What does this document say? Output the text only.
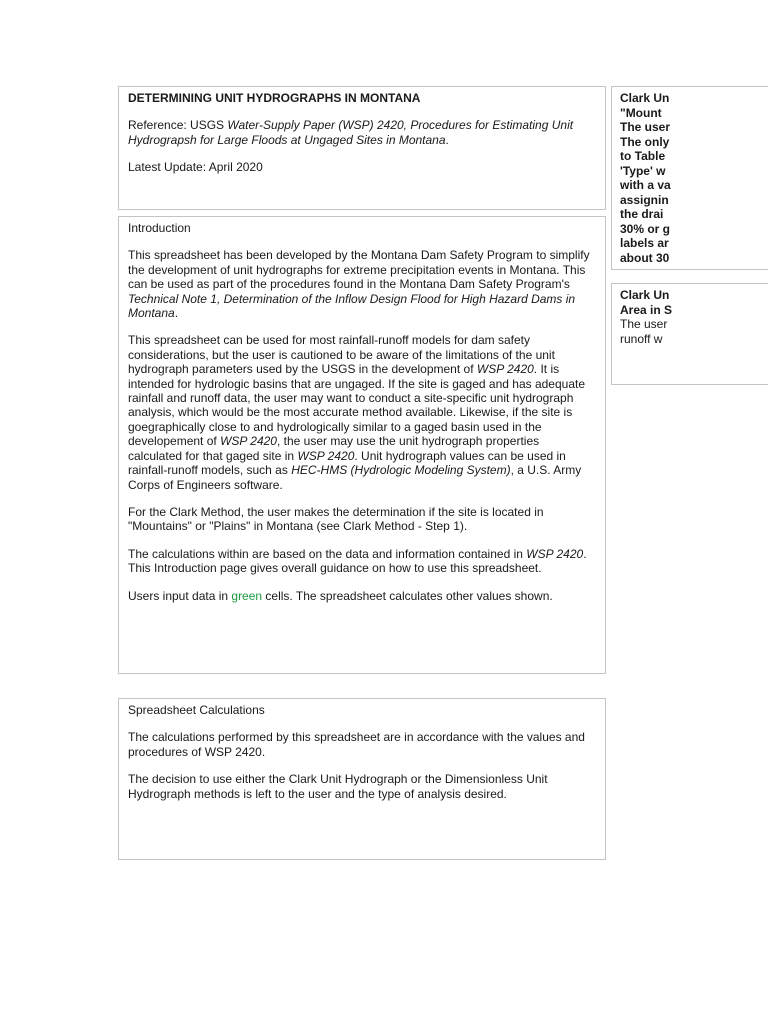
DETERMINING UNIT HYDROGRAPHS IN MONTANA

Reference: USGS Water-Supply Paper (WSP) 2420, Procedures for Estimating Unit Hydrograpsh for Large Floods at Ungaged Sites in Montana.

Latest Update: April 2020

Introduction

This spreadsheet has been developed by the Montana Dam Safety Program to simplify the development of unit hydrographs for extreme precipitation events in Montana. This can be used as part of the procedures found in the Montana Dam Safety Program's Technical Note 1, Determination of the Inflow Design Flood for High Hazard Dams in Montana.

This spreadsheet can be used for most rainfall-runoff models for dam safety considerations, but the user is cautioned to be aware of the limitations of the unit hydrograph parameters used by the USGS in the development of WSP 2420. It is intended for hydrologic basins that are ungaged. If the site is gaged and has adequate rainfall and runoff data, the user may want to conduct a site-specific unit hydrograph analysis, which would be the most accurate method available. Likewise, if the site is goegraphically close to and hydrologically similar to a gaged basin used in the developement of WSP 2420, the user may use the unit hydrograph properties calculated for that gaged site in WSP 2420. Unit hydrograph values can be used in rainfall-runoff models, such as HEC-HMS (Hydrologic Modeling System), a U.S. Army Corps of Engineers software.

For the Clark Method, the user makes the determination if the site is located in "Mountains" or "Plains" in Montana (see Clark Method - Step 1).

The calculations within are based on the data and information contained in WSP 2420. This Introduction page gives overall guidance on how to use this spreadsheet.

Users input data in green cells. The spreadsheet calculates other values shown.

Spreadsheet Calculations

The calculations performed by this spreadsheet are in accordance with the values and procedures of WSP 2420.

The decision to use either the Clark Unit Hydrograph or the Dimensionless Unit Hydrograph methods is left to the user and the type of analysis desired.

Clark Un
"Mount
The user
The only
to Table
'Type' w
with a va
assignin
the drai
30% or g
labels ar
about 30
Clark Un
Area in S
The user
runoff w
